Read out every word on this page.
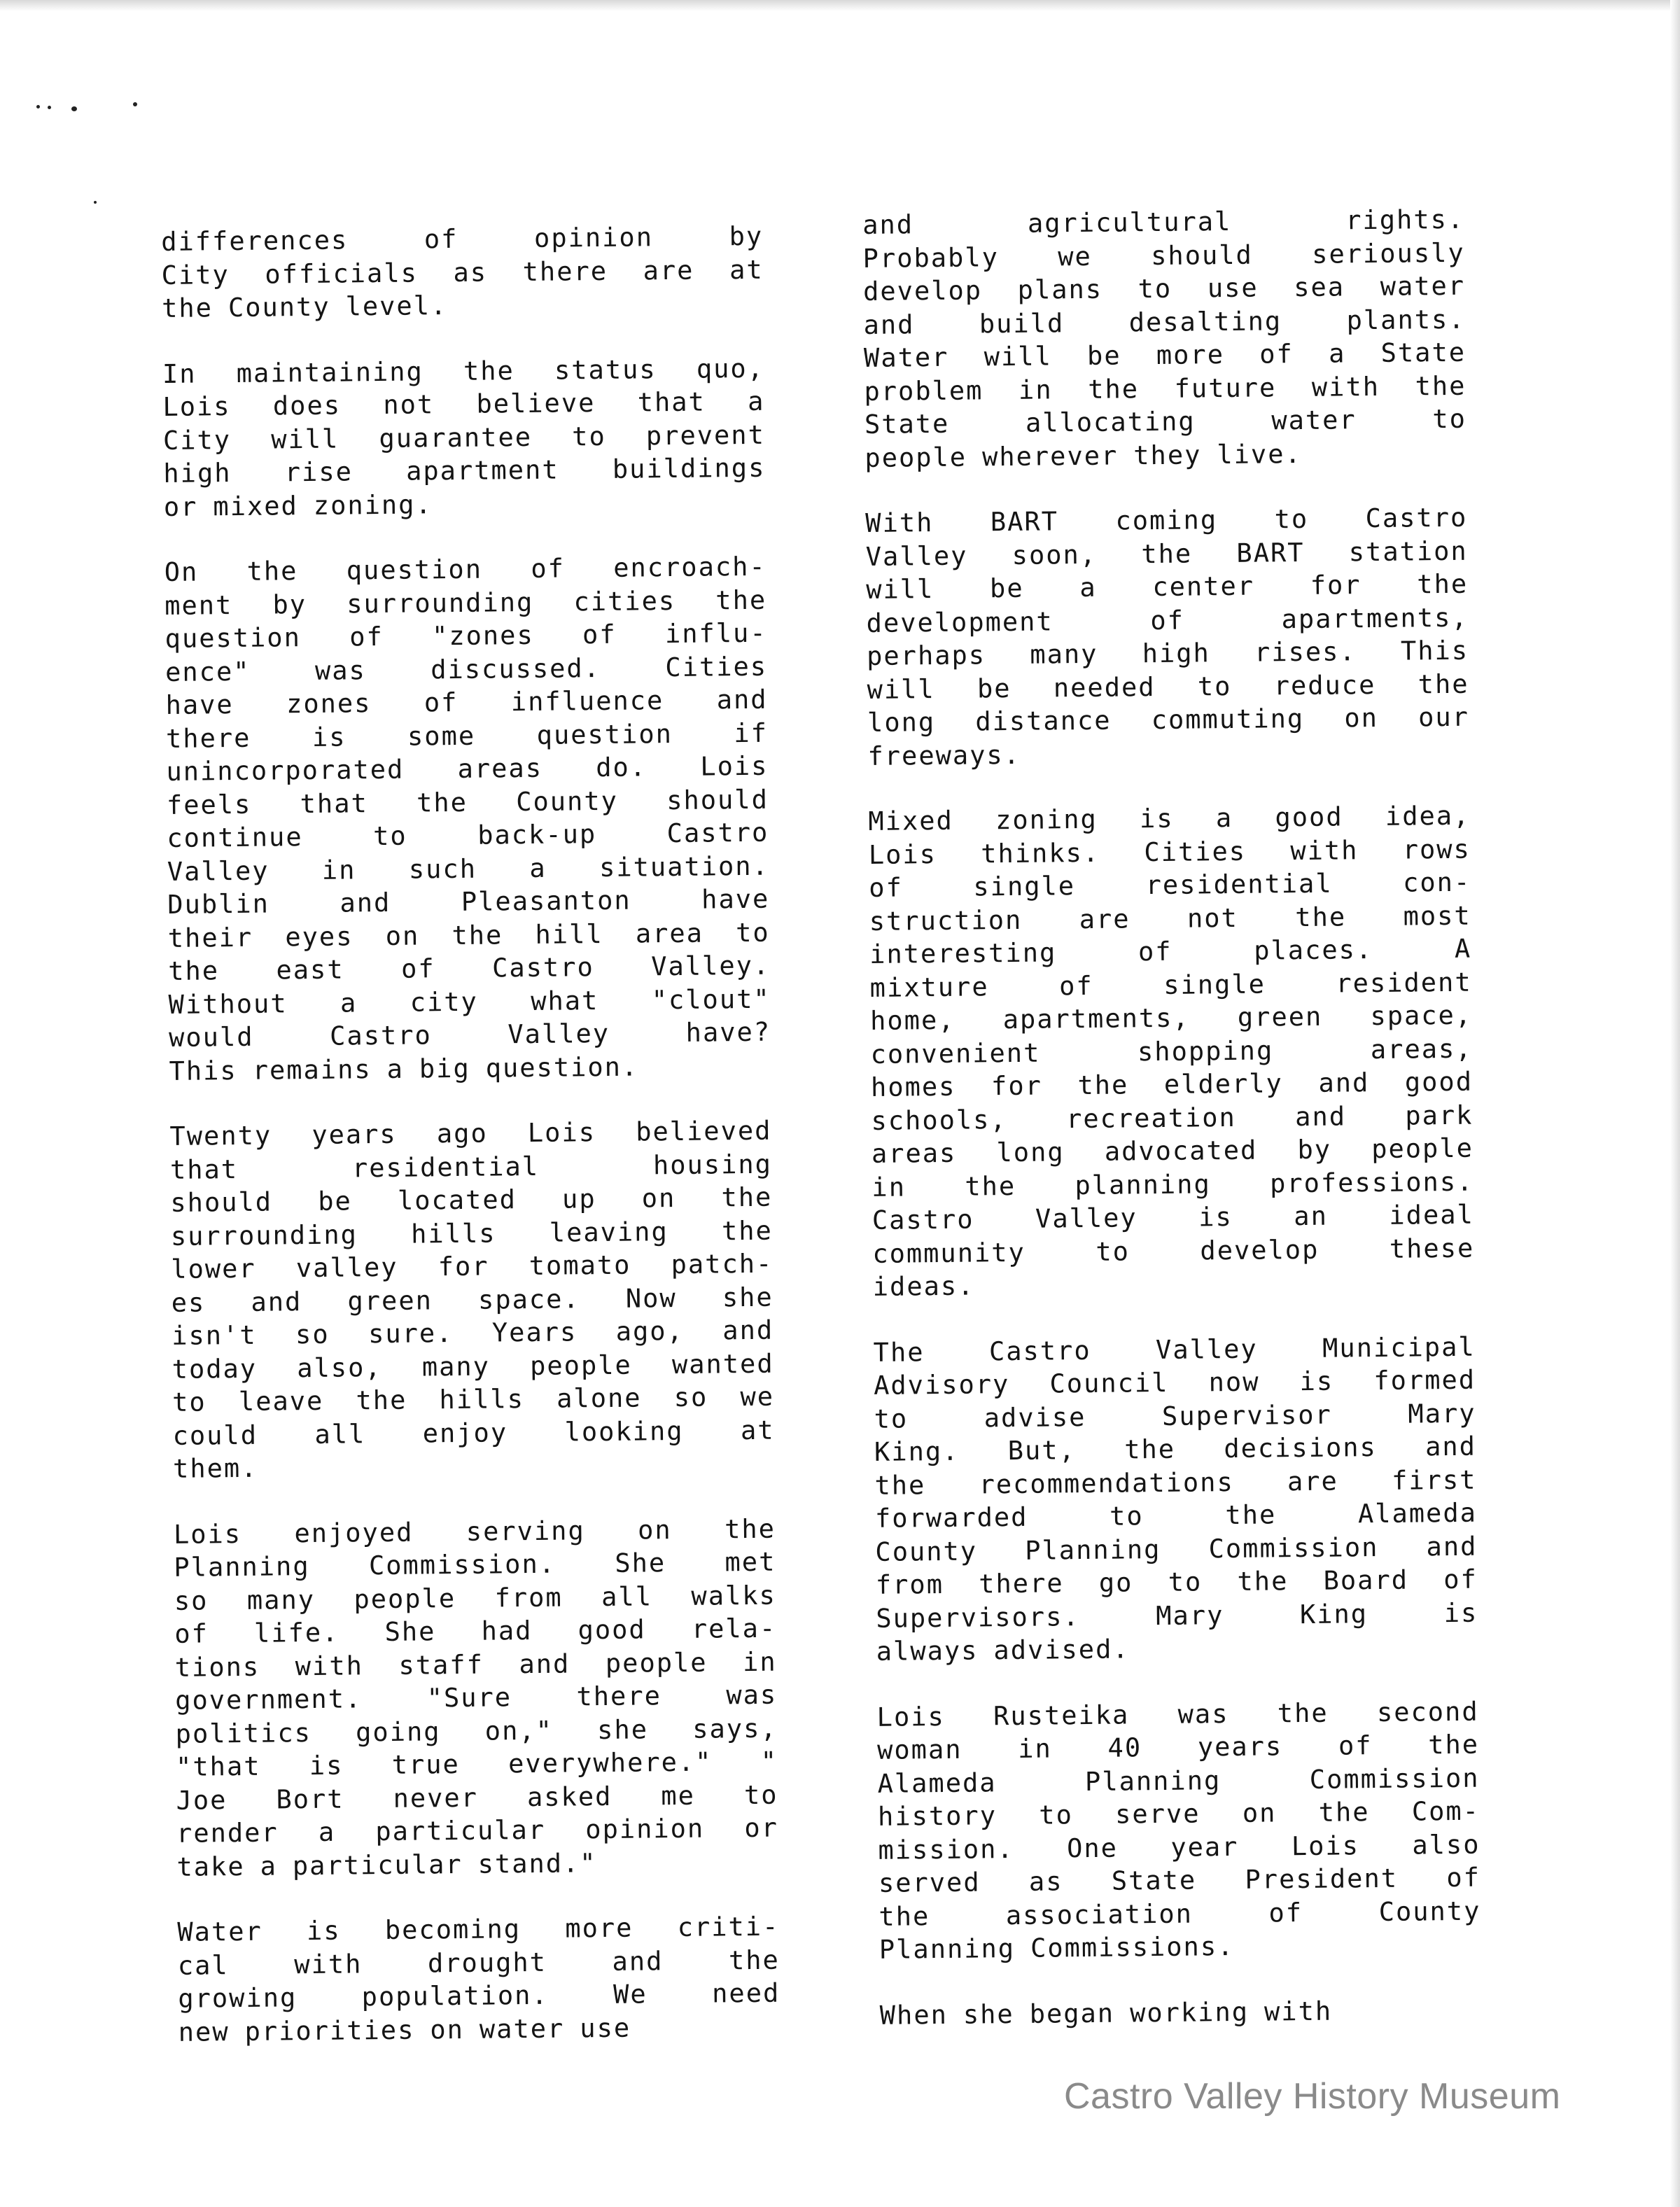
differences	of	opinion	by
City officials as there are at
the County level.
In maintaining the status quo,
Lois does not believe that a
City will guarantee to prevent
high rise apartment buildings
or mixed zoning.
On the question of encroach-
ment by surrounding cities the
question of "zones of influ-
ence" was discussed. Cities
have zones of influence and
there is some question if
unincorporated areas do. Lois
feels that the County should
continue	to	back-up	Castro
Valley in such a situation.
Dublin	and	Pleasanton	have
their eyes on the hill area to
the east of Castro Valley.
Without a city what "clout"
would	Castro	Valley	have?
This remains a big question.
Twenty years ago Lois believed
that	residential	housing
should be located up on the
surrounding hills leaving the
lower valley for tomato patch-
es and green space. Now she
isn't so sure. Years ago, and
today also, many people wanted
to leave the hills alone so we
could all enjoy looking at
them.
Lois enjoyed serving on the
Planning Commission. She met
so many people from all walks
of life. She had good rela-
tions with staff and people in
government. "Sure there was
politics going on," she says,
"that is true everywhere." "
Joe Bort never asked me to
render a particular opinion or
take a particular stand."
Water is becoming more criti-
cal	with	drought	and	the
growing population. We need
new priorities on water use
and	agricultural	rights.
Probably we should seriously
develop plans to use sea water
and build desalting plants.
Water will be more of a State
problem in the future with the
State	allocating	water	to
people wherever they live.
With BART coming to Castro
Valley soon, the BART station
will be a center for the
development	of	apartments,
perhaps many high rises. This
will be needed to reduce the
long distance commuting on our
freeways.
Mixed zoning is a good idea,
Lois thinks. Cities with rows
of	single	residential	con-
struction are not the most
interesting	of	places.	A
mixture	of	single	resident
home, apartments, green space,
convenient	shopping	areas,
homes for the elderly and good
schools, recreation and park
areas long advocated by people
in the planning professions.
Castro Valley is an ideal
community	to	develop	these
ideas.
The Castro Valley Municipal
Advisory Council now is formed
to	advise	Supervisor	Mary
King. But, the decisions and
the recommendations are first
forwarded	to	the	Alameda
County Planning Commission and
from there go to the Board of
Supervisors.	Mary	King	is
always advised.
Lois Rusteika was the second
woman in 40 years of the
Alameda	Planning	Commission
history to serve on the Com-
mission. One year Lois also
served as State President of
the	association	of	County
Planning Commissions.
When she began working with
Castro Valley History Museum
